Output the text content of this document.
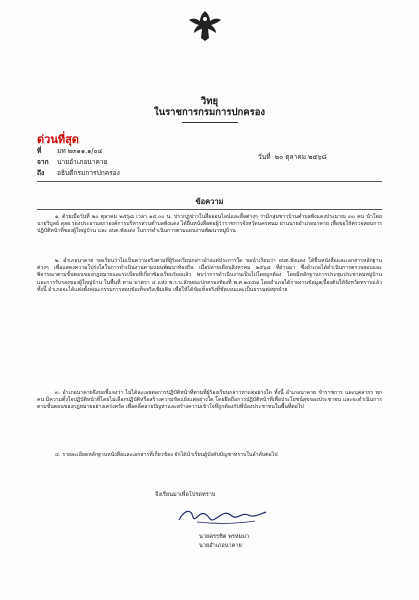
วิทยุ
ในราชการกรมการปกครอง
ด่วนที่สุด
ที่ มท ๒๓๑๑.๑/๐๔
วันที่ ๒๐ ตุลาคม ๒๕๖๘
จาก นายอำเภอนาคาย
ถึง อธิบดีกรมการปกครอง
ข้อความ

๑. ด้วยเมื่อวันที่ ๒๐ ตุลาคม ๒๕๖๘ เวลา ๑๔.๐๐ น. ปรากฏข่าวในสื่อออนไลน์และสื่อต่างๆ ว่ามีกลุ่มชาวบ้านตำบลพังแดงประมาณ ๓๐ คน นำโดยนายวิบูลย์ ดุลย รองประธานสภาองค์การบริหารส่วนตำบลพังแดง ได้ยื่นหนังสือต่อผู้ว่าราชการจังหวัดนครพนม ผ่านนายอำเภอนาคาย เพื่อขอให้ตรวจสอบการปฏิบัติหน้าที่ของผู้ใหญ่บ้าน และ อบต.พังแดง ในการดำเนินการตามแผนงานพัฒนาหมู่บ้าน

๒. อำเภอนาคาย ขอเรียนว่าไม่เป็นความจริงตามที่ผู้ร้องเรียนกล่าวอ้างแต่ประการใด ขอนำเรียนว่า อบต.พังแดง ได้ยื่นหนังสือและเอกสารหลักฐานต่างๆ เพื่อแสดงความโปร่งใสในการดำเนินงานตามแผนพัฒนาท้องถิ่น เมื่อปลายเดือนสิงหาคม ๒๕๖๘ ที่ผ่านมา ซึ่งอำเภอได้ดำเนินการตรวจสอบและพิจารณาตามขั้นตอนของกฎหมายและระเบียบที่เกี่ยวข้องเรียบร้อยแล้ว พบว่าการดำเนินงานเป็นไปโดยถูกต้อง โดยมีหลักฐานการประชุมประชาคมหมู่บ้านและการรับรองของผู้ใหญ่บ้าน ในพื้นที่ ตาม มาตรา ๔ แห่ง พ.ร.บ.ลักษณะปกครองท้องที่ พ.ศ.๒๔๕๗ โดยอำเภอได้รายงานข้อมูลเบื้องต้นให้จังหวัดทราบแล้ว ทั้งนี้ อำเภอจะได้แต่งตั้งคณะกรรมการสอบข้อเท็จจริงเพิ่มเติม เพื่อให้ได้ข้อเท็จจริงที่ชัดเจนและเป็นธรรมต่อทุกฝ่าย

๓. อำเภอนาคายจึงขอชี้แจงว่า ไม่ได้ละเลยต่อการปฏิบัติหน้าที่ตามที่ผู้ร้องเรียนกล่าวหาแต่อย่างใด ทั้งนี้ อำเภอนาคาย ข้าราชการ และบุคลากร ทุกคน มีความตั้งใจปฏิบัติหน้าที่โดยไม่เลือกปฏิบัติหรือสร้างความขัดแย้งแต่อย่างใด โดยยึดถือการปฏิบัติหน้าที่เพื่อประโยชน์สุขของประชาชน และจะดำเนินการตามขั้นตอนของกฎหมายอย่างเคร่งครัด เพื่อคลี่คลายปัญหาและสร้างความเข้าใจที่ถูกต้องกับพี่น้องประชาชนในพื้นที่ต่อไป

๔. รายละเอียดหลักฐานหนังสือและเอกสารที่เกี่ยวข้อง จักได้นำเรียนผู้บังคับบัญชาทราบในลำดับต่อไป

จึงเรียนมาเพื่อโปรดทราบ
นายครรชิต พรหมมา
นายอำเภอนาคาย
